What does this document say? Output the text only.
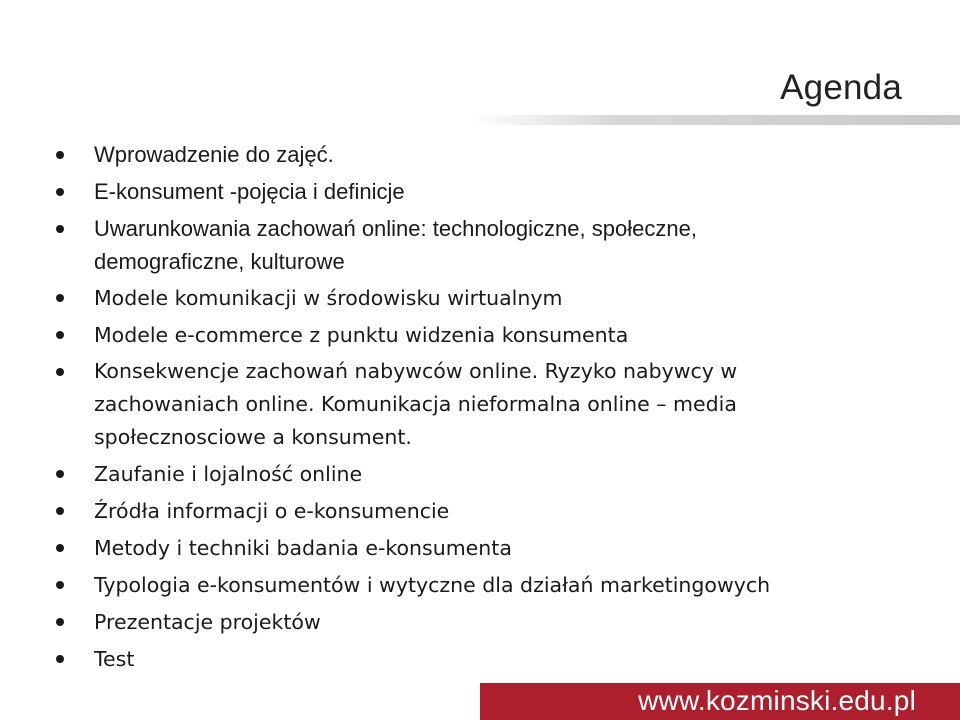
Agenda
Wprowadzenie do zajęć.
E-konsument -pojęcia i definicje
Uwarunkowania zachowań online: technologiczne, społeczne, demograficzne, kulturowe
Modele komunikacji w środowisku wirtualnym
Modele e-commerce z punktu widzenia konsumenta
Konsekwencje zachowań nabywców online. Ryzyko nabywcy w zachowaniach online. Komunikacja nieformalna online – media społecznosciowe a konsument.
Zaufanie i lojalność online
Źródła informacji o e-konsumencie
Metody i techniki badania e-konsumenta
Typologia e-konsumentów i wytyczne dla działań marketingowych
Prezentacje projektów
Test
www.kozminski.edu.pl
